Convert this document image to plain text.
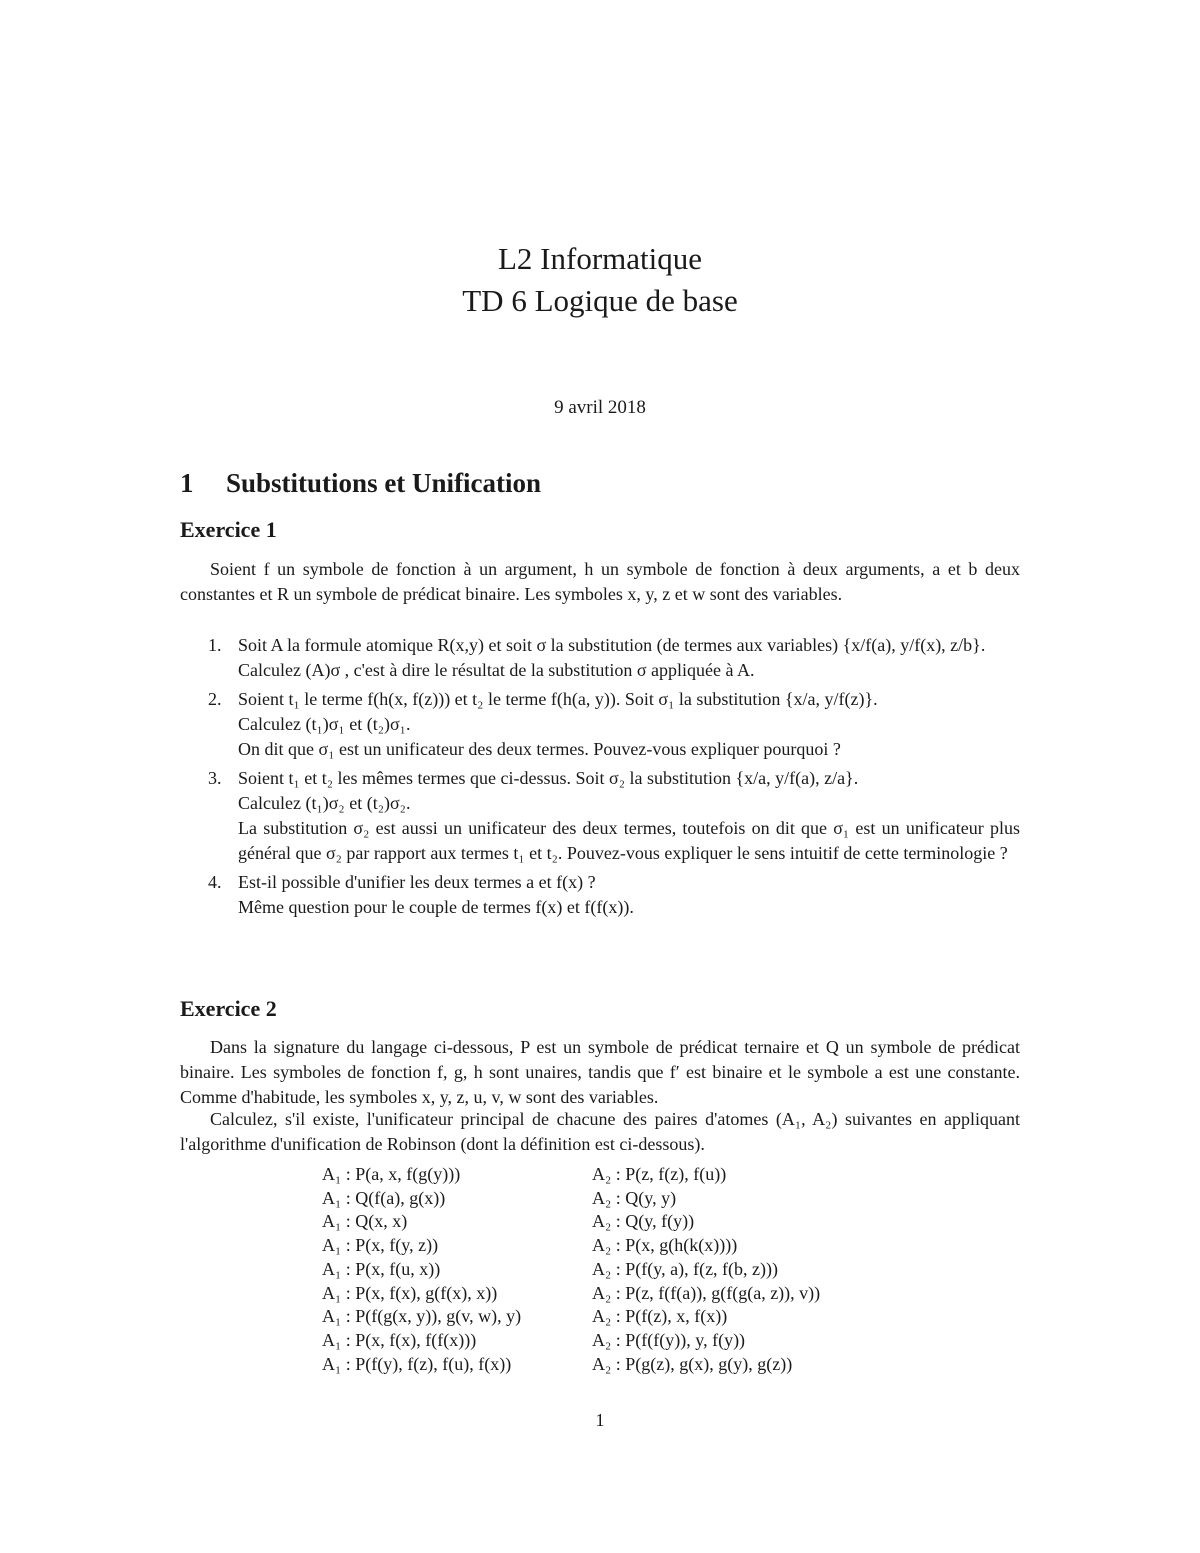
L2 Informatique
TD 6 Logique de base
9 avril 2018
1 Substitutions et Unification
Exercice 1
Soient f un symbole de fonction à un argument, h un symbole de fonction à deux arguments, a et b deux constantes et R un symbole de prédicat binaire. Les symboles x, y, z et w sont des variables.
1. Soit A la formule atomique R(x,y) et soit σ la substitution (de termes aux variables) {x/f(a), y/f(x), z/b}.

Calculez (A)σ , c'est à dire le résultat de la substitution σ appliquée à A.

2. Soient t₁ le terme f(h(x, f(z))) et t₂ le terme f(h(a, y)). Soit σ₁ la substitution {x/a, y/f(z)}.

Calculez (t₁)σ₁ et (t₂)σ₁.

On dit que σ₁ est un unificateur des deux termes. Pouvez-vous expliquer pourquoi ?

3. Soient t₁ et t₂ les mêmes termes que ci-dessus. Soit σ₂ la substitution {x/a, y/f(a), z/a}.

Calculez (t₁)σ₂ et (t₂)σ₂.

La substitution σ₂ est aussi un unificateur des deux termes, toutefois on dit que σ₁ est un unificateur plus général que σ₂ par rapport aux termes t₁ et t₂. Pouvez-vous expliquer le sens intuitif de cette terminologie ?

4. Est-il possible d'unifier les deux termes a et f(x) ?

Même question pour le couple de termes f(x) et f(f(x)).

Exercice 2
Dans la signature du langage ci-dessous, P est un symbole de prédicat ternaire et Q un symbole de prédicat binaire. Les symboles de fonction f, g, h sont unaires, tandis que f′ est binaire et le symbole a est une constante. Comme d'habitude, les symboles x, y, z, u, v, w sont des variables.
Calculez, s'il existe, l'unificateur principal de chacune des paires d'atomes (A₁, A₂) suivantes en appliquant l'algorithme d'unification de Robinson (dont la définition est ci-dessous).
A₁ : P(a, x, f(g(y)))	A₂ : P(z, f(z), f(u))
A₁ : Q(f(a), g(x))	A₂ : Q(y, y)
A₁ : Q(x, x)	A₂ : Q(y, f(y))
A₁ : P(x, f(y, z))	A₂ : P(x, g(h(k(x))))
A₁ : P(x, f(u, x))	A₂ : P(f(y, a), f(z, f(b, z)))
A₁ : P(x, f(x), g(f(x), x))	A₂ : P(z, f(f(a)), g(f(g(a, z)), v))
A₁ : P(f(g(x, y)), g(v, w), y)	A₂ : P(f(z), x, f(x))
A₁ : P(x, f(x), f(f(x)))	A₂ : P(f(f(y)), y, f(y))
A₁ : P(f(y), f(z), f(u), f(x))	A₂ : P(g(z), g(x), g(y), g(z))
1
